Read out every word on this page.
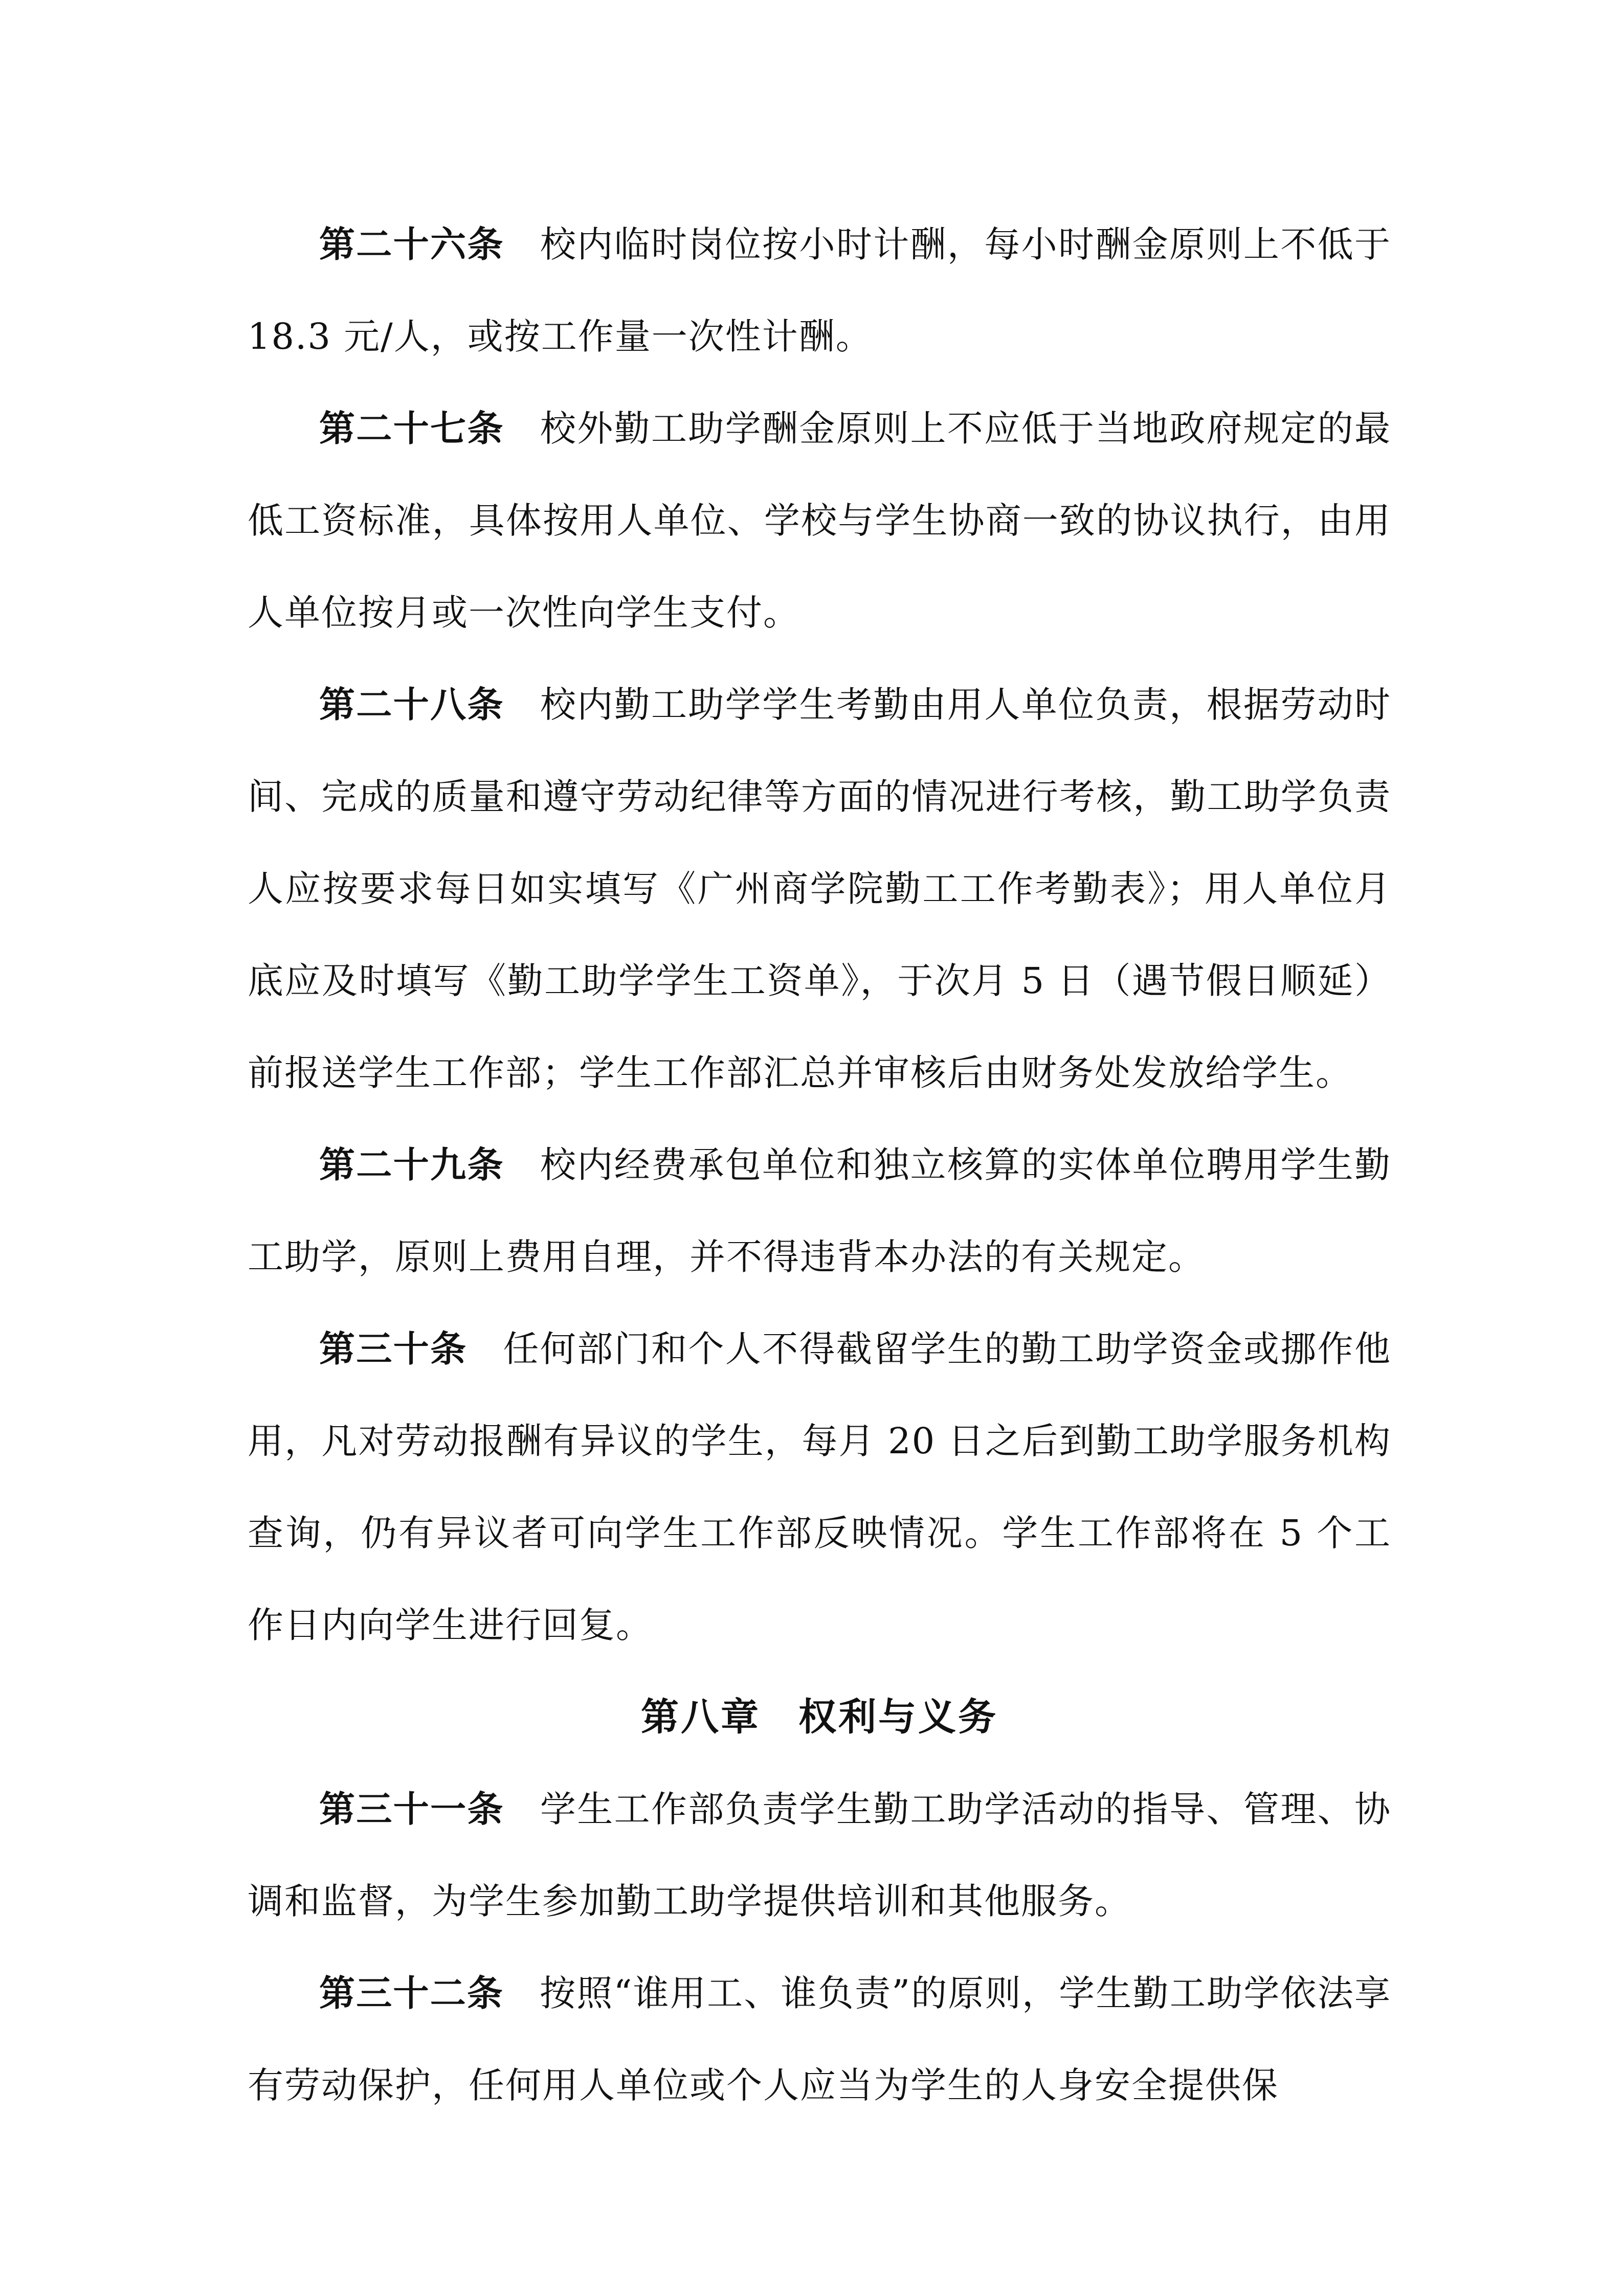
第二十六条 校内临时岗位按小时计酬，每小时酬金原则上不低于 18.3 元/人，或按工作量一次性计酬。

第二十七条 校外勤工助学酬金原则上不应低于当地政府规定的最低工资标准，具体按用人单位、学校与学生协商一致的协议执行，由用人单位按月或一次性向学生支付。

第二十八条 校内勤工助学学生考勤由用人单位负责，根据劳动时间、完成的质量和遵守劳动纪律等方面的情况进行考核，勤工助学负责人应按要求每日如实填写《广州商学院勤工工作考勤表》；用人单位月底应及时填写《勤工助学学生工资单》，于次月 5 日（遇节假日顺延）前报送学生工作部；学生工作部汇总并审核后由财务处发放给学生。

第二十九条 校内经费承包单位和独立核算的实体单位聘用学生勤工助学，原则上费用自理，并不得违背本办法的有关规定。

第三十条 任何部门和个人不得截留学生的勤工助学资金或挪作他用，凡对劳动报酬有异议的学生，每月 20 日之后到勤工助学服务机构查询，仍有异议者可向学生工作部反映情况。学生工作部将在 5 个工作日内向学生进行回复。

第八章 权利与义务

第三十一条 学生工作部负责学生勤工助学活动的指导、管理、协调和监督，为学生参加勤工助学提供培训和其他服务。

第三十二条 按照“谁用工、谁负责”的原则，学生勤工助学依法享有劳动保护，任何用人单位或个人应当为学生的人身安全提供保
